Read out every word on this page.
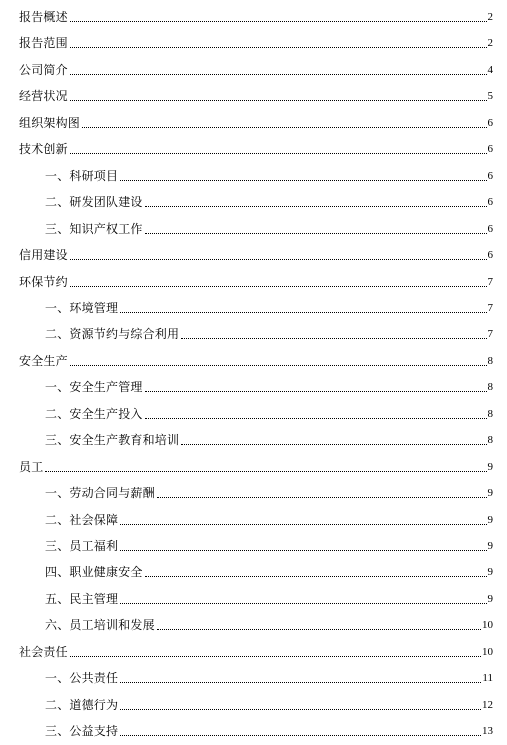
报告概述	2
报告范围	2
公司简介	4
经营状况	5
组织架构图	6
技术创新	6
一、科研项目	6
二、研发团队建设	6
三、知识产权工作	6
信用建设	6
环保节约	7
一、环境管理	7
二、资源节约与综合利用	7
安全生产	8
一、安全生产管理	8
二、安全生产投入	8
三、安全生产教育和培训	8
员工	9
一、劳动合同与薪酬	9
二、社会保障	9
三、员工福利	9
四、职业健康安全	9
五、民主管理	9
六、员工培训和发展	10
社会责任	10
一、公共责任	11
二、道德行为	12
三、公益支持	13
